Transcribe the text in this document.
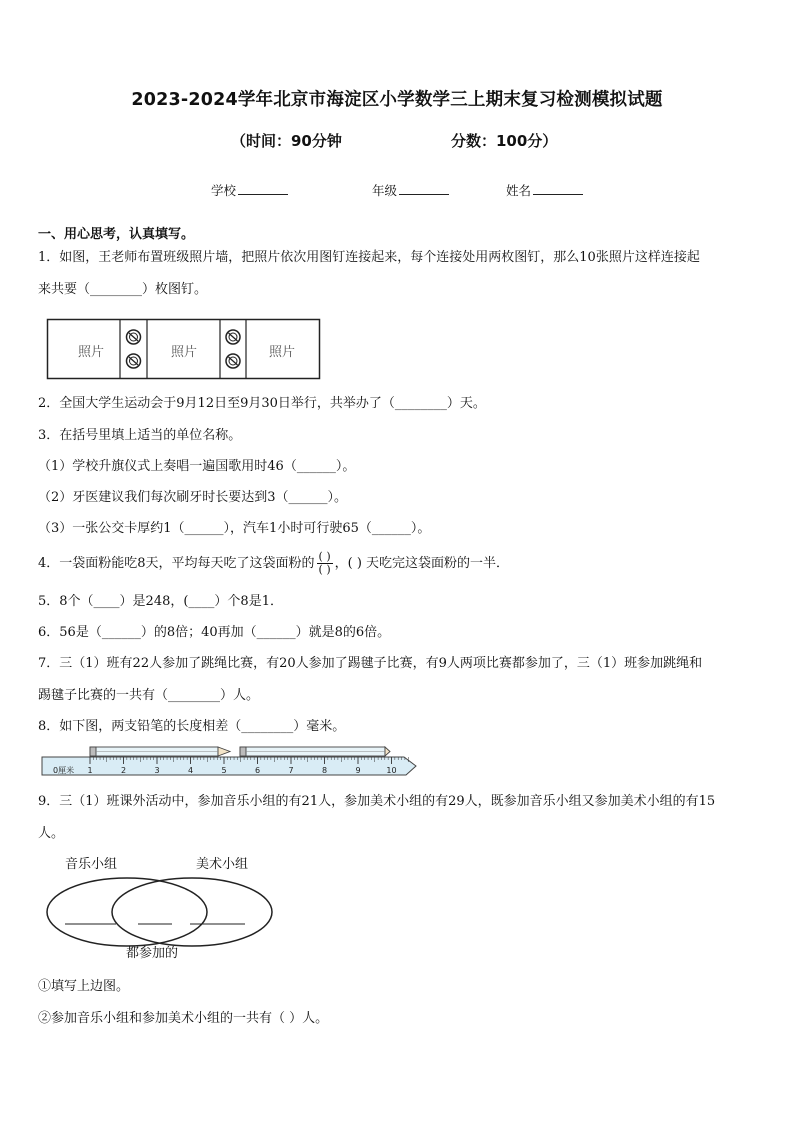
2023-2024学年北京市海淀区小学数学三上期末复习检测模拟试题
（时间：90分钟	分数：100分）
学校	年级	姓名
一、用心思考，认真填写。
1．如图，王老师布置班级照片墙，把照片依次用图钉连接起来，每个连接处用两枚图钉，那么10张照片这样连接起
来共要（________）枚图钉。
照片	照片	照片
2．全国大学生运动会于9月12日至9月30日举行，共举办了（________）天。
3．在括号里填上适当的单位名称。
（1）学校升旗仪式上奏唱一遍国歌用时46（______）。
（2）牙医建议我们每次刷牙时长要达到3（______）。
（3）一张公交卡厚约1（______），汽车1小时可行驶65（______）。
4．一袋面粉能吃8天，平均每天吃了这袋面粉的 $\frac{( )}{( )}$ ，( ) 天吃完这袋面粉的一半．
5．8个（____）是248，(____）个8是1．
6．56是（______）的8倍；40再加（______）就是8的6倍。
7．三（1）班有22人参加了跳绳比赛，有20人参加了踢毽子比赛，有9人两项比赛都参加了，三（1）班参加跳绳和
踢毽子比赛的一共有（________）人。
8．如下图，两支铅笔的长度相差（________）毫米。
0厘米 1	2	3	4	5	6	7	8	9	10
9．三（1）班课外活动中，参加音乐小组的有21人，参加美术小组的有29人，既参加音乐小组又参加美术小组的有15
人。
音乐小组	美术小组
都参加的
①填写上边图。
②参加音乐小组和参加美术小组的一共有（ ）人。
